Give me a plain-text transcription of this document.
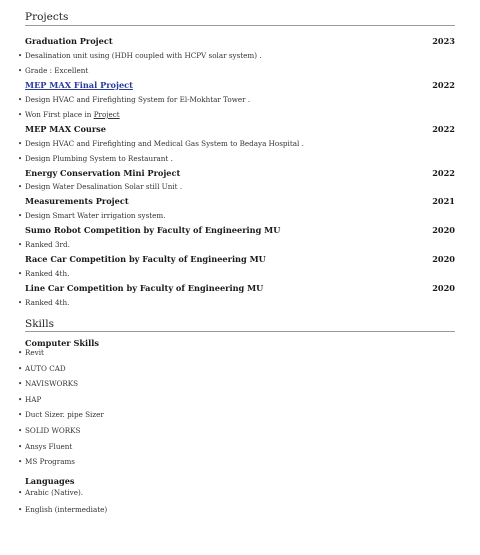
Projects
Graduation Project	2023
• Desalination unit using (HDH coupled with HCPV solar system) .
• Grade : Excellent
MEP MAX Final Project	2022
• Design HVAC and Firefighting System for El-Mokhtar Tower .
• Won First place in Project
MEP MAX Course	2022
• Design HVAC and Firefighting and Medical Gas System to Bedaya Hospital .
• Design Plumbing System to Restaurant .
Energy Conservation Mini Project	2022
• Design Water Desalination Solar still Unit .
Measurements Project	2021
• Design Smart Water irrigation system.
Sumo Robot Competition by Faculty of Engineering MU	2020
• Ranked 3rd.
Race Car Competition by Faculty of Engineering MU	2020
• Ranked 4th.
Line Car Competition by Faculty of Engineering MU	2020
• Ranked 4th.
Skills
Computer Skills
• Revit
• AUTO CAD
• NAVISWORKS
• HAP
• Duct Sizer. pipe Sizer
• SOLID WORKS
• Ansys Fluent
• MS Programs
Languages
• Arabic (Native).
• English (intermediate)
